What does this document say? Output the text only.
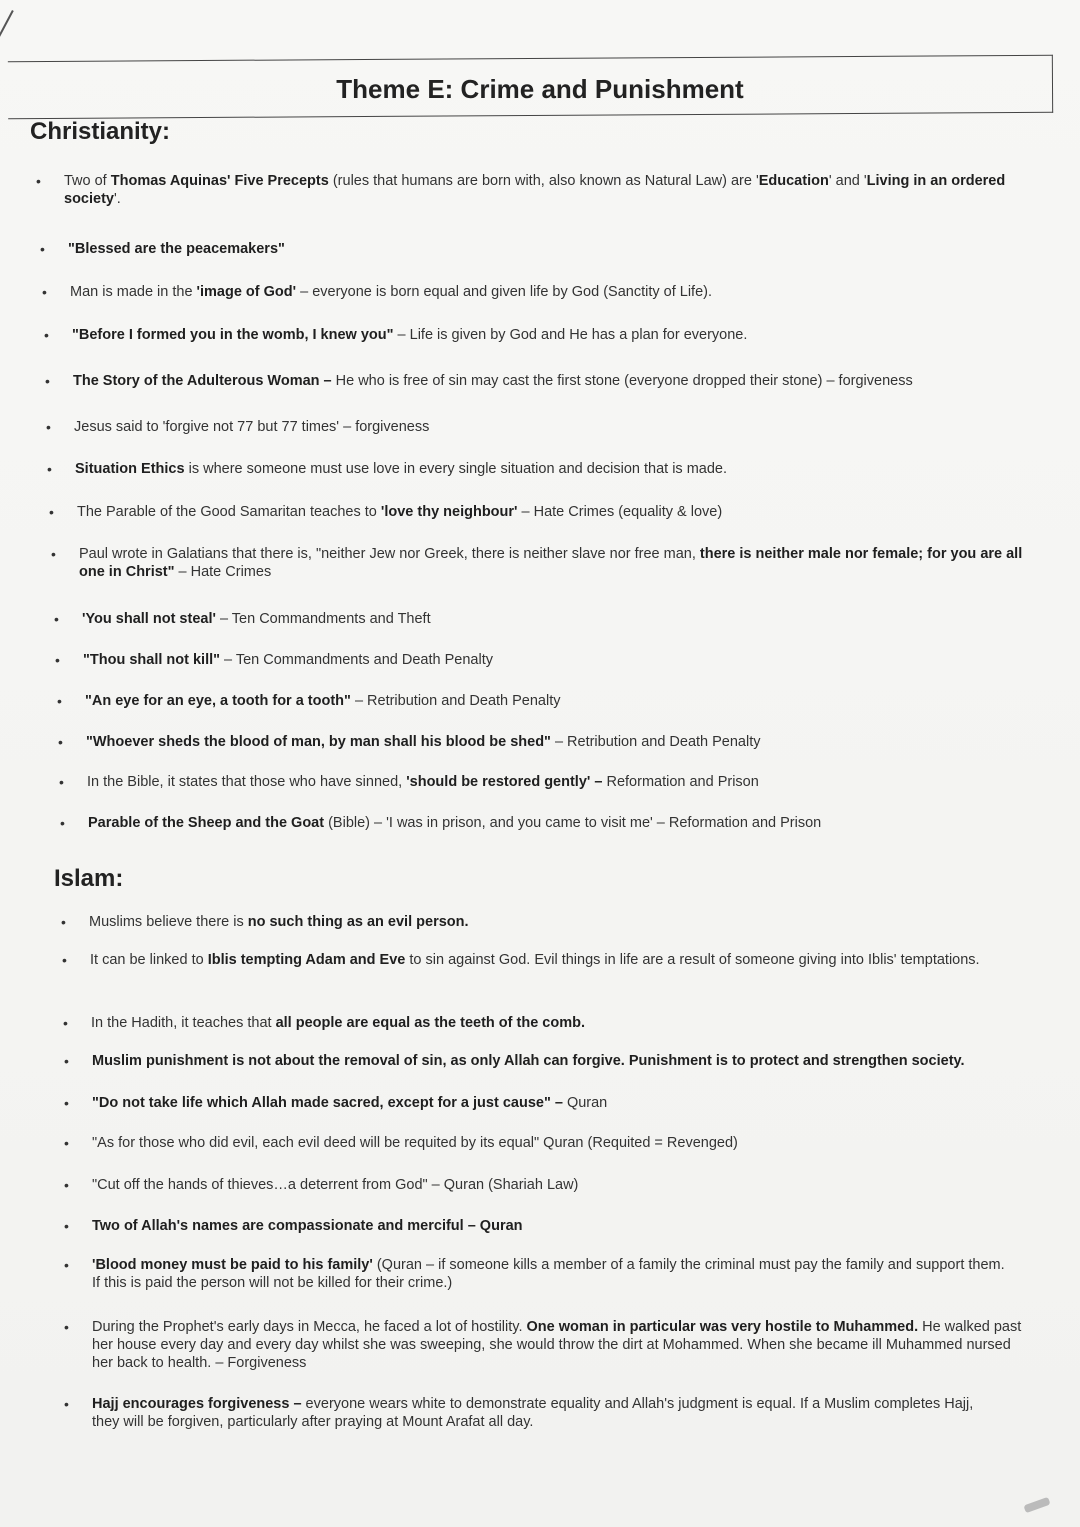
Theme E: Crime and Punishment
Christianity:
• Two of Thomas Aquinas' Five Precepts (rules that humans are born with, also known as Natural Law) are 'Education' and 'Living in an ordered society'.
• "Blessed are the peacemakers"
• Man is made in the 'image of God' – everyone is born equal and given life by God (Sanctity of Life).
• "Before I formed you in the womb, I knew you" – Life is given by God and He has a plan for everyone.
• The Story of the Adulterous Woman – He who is free of sin may cast the first stone (everyone dropped their stone) – forgiveness
• Jesus said to 'forgive not 77 but 77 times' – forgiveness
• Situation Ethics is where someone must use love in every single situation and decision that is made.
• The Parable of the Good Samaritan teaches to 'love thy neighbour' – Hate Crimes (equality & love)
• Paul wrote in Galatians that there is, "neither Jew nor Greek, there is neither slave nor free man, there is neither male nor female; for you are all one in Christ" – Hate Crimes
• 'You shall not steal' – Ten Commandments and Theft
• "Thou shall not kill" – Ten Commandments and Death Penalty
• "An eye for an eye, a tooth for a tooth" – Retribution and Death Penalty
• "Whoever sheds the blood of man, by man shall his blood be shed" – Retribution and Death Penalty
• In the Bible, it states that those who have sinned, 'should be restored gently' – Reformation and Prison
• Parable of the Sheep and the Goat (Bible) – 'I was in prison, and you came to visit me' – Reformation and Prison
Islam:
• Muslims believe there is no such thing as an evil person.
• It can be linked to Iblis tempting Adam and Eve to sin against God. Evil things in life are a result of someone giving into Iblis' temptations.
• In the Hadith, it teaches that all people are equal as the teeth of the comb.
• Muslim punishment is not about the removal of sin, as only Allah can forgive. Punishment is to protect and strengthen society.
• "Do not take life which Allah made sacred, except for a just cause" – Quran
• "As for those who did evil, each evil deed will be requited by its equal" Quran (Requited = Revenged)
• "Cut off the hands of thieves…a deterrent from God" – Quran (Shariah Law)
• Two of Allah's names are compassionate and merciful – Quran
• 'Blood money must be paid to his family' (Quran – if someone kills a member of a family the criminal must pay the family and support them. If this is paid the person will not be killed for their crime.)
• During the Prophet's early days in Mecca, he faced a lot of hostility. One woman in particular was very hostile to Muhammed. He walked past her house every day and every day whilst she was sweeping, she would throw the dirt at Mohammed. When she became ill Muhammed nursed her back to health. – Forgiveness
• Hajj encourages forgiveness – everyone wears white to demonstrate equality and Allah's judgment is equal. If a Muslim completes Hajj, they will be forgiven, particularly after praying at Mount Arafat all day.
